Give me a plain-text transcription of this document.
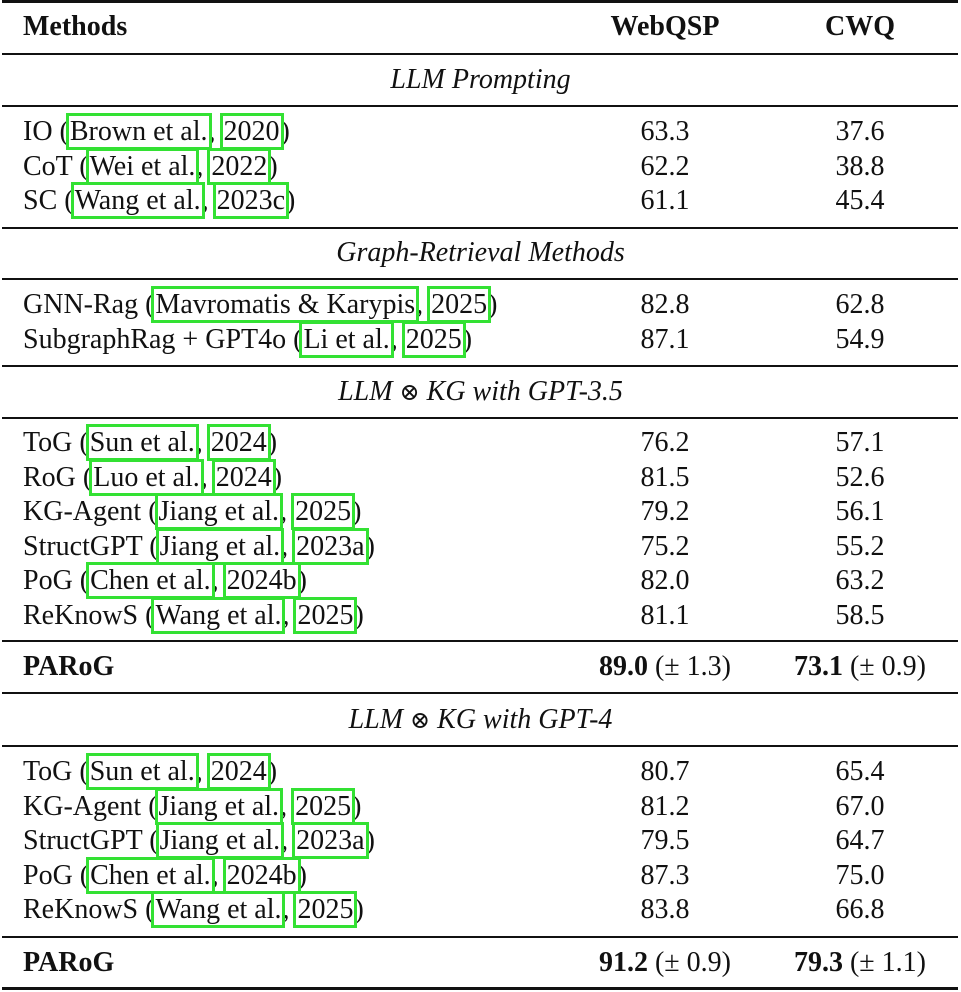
Methods	WebQSP	CWQ
LLM Prompting
IO (Brown et al., 2020)	63.3	37.6
CoT (Wei et al., 2022)	62.2	38.8
SC (Wang et al., 2023c)	61.1	45.4
Graph-Retrieval Methods
GNN-Rag (Mavromatis & Karypis, 2025)	82.8	62.8
SubgraphRag + GPT4o (Li et al., 2025)	87.1	54.9
LLM ⊗ KG with GPT-3.5
ToG (Sun et al., 2024)	76.2	57.1
RoG (Luo et al., 2024)	81.5	52.6
KG-Agent (Jiang et al., 2025)	79.2	56.1
StructGPT (Jiang et al., 2023a)	75.2	55.2
PoG (Chen et al., 2024b)	82.0	63.2
ReKnowS (Wang et al., 2025)	81.1	58.5
PARoG	89.0 (± 1.3)	73.1 (± 0.9)
LLM ⊗ KG with GPT-4
ToG (Sun et al., 2024)	80.7	65.4
KG-Agent (Jiang et al., 2025)	81.2	67.0
StructGPT (Jiang et al., 2023a)	79.5	64.7
PoG (Chen et al., 2024b)	87.3	75.0
ReKnowS (Wang et al., 2025)	83.8	66.8
PARoG	91.2 (± 0.9)	79.3 (± 1.1)
